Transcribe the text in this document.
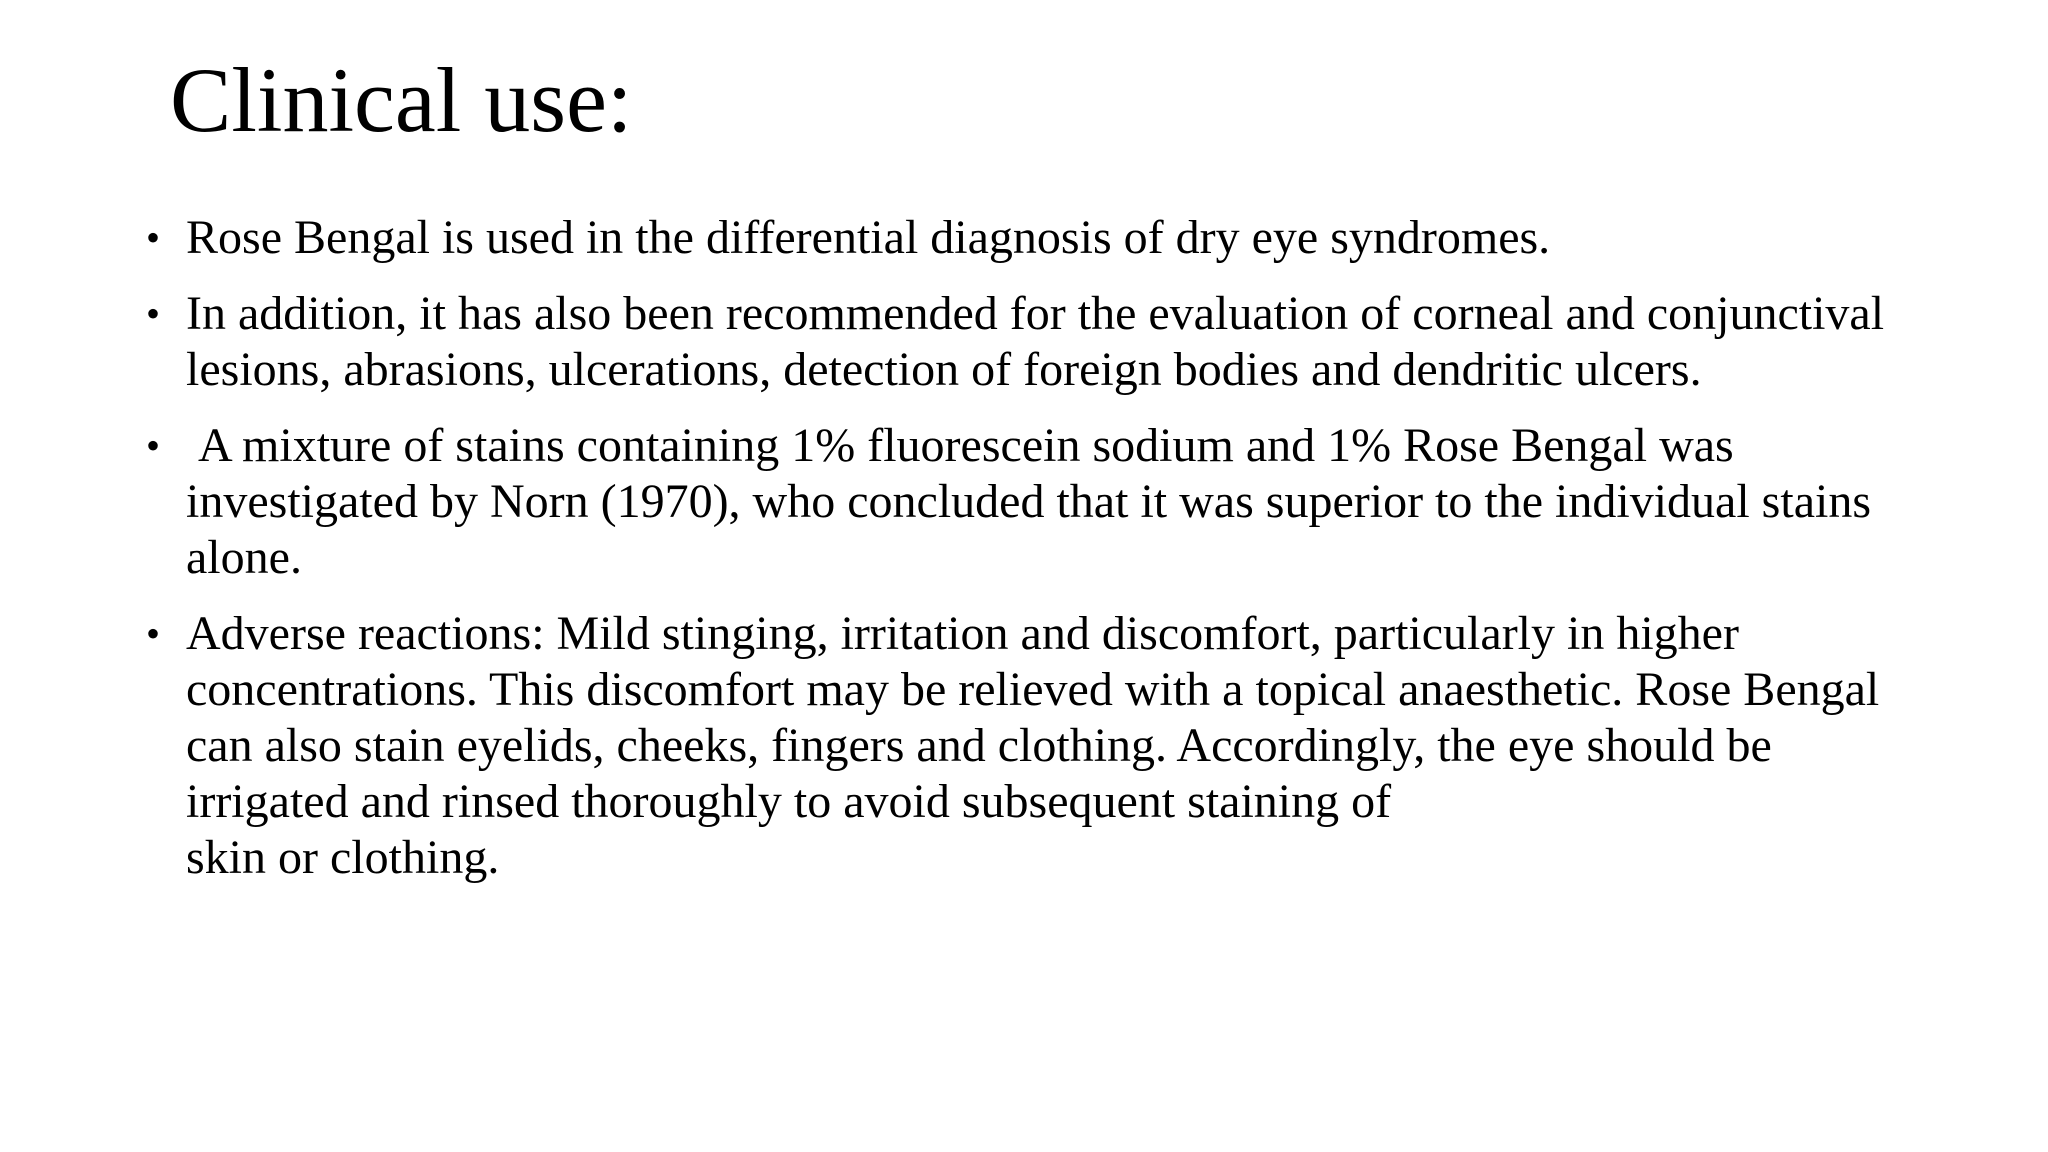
Clinical use:
• Rose Bengal is used in the differential diagnosis of dry eye syndromes.
• In addition, it has also been recommended for the evaluation of corneal and conjunctival lesions, abrasions, ulcerations, detection of foreign bodies and dendritic ulcers.
• A mixture of stains containing 1% fluorescein sodium and 1% Rose Bengal was investigated by Norn (1970), who concluded that it was superior to the individual stains alone.
• Adverse reactions: Mild stinging, irritation and discomfort, particularly in higher concentrations. This discomfort may be relieved with a topical anaesthetic. Rose Bengal can also stain eyelids, cheeks, fingers and clothing. Accordingly, the eye should be irrigated and rinsed thoroughly to avoid subsequent staining of
skin or clothing.
